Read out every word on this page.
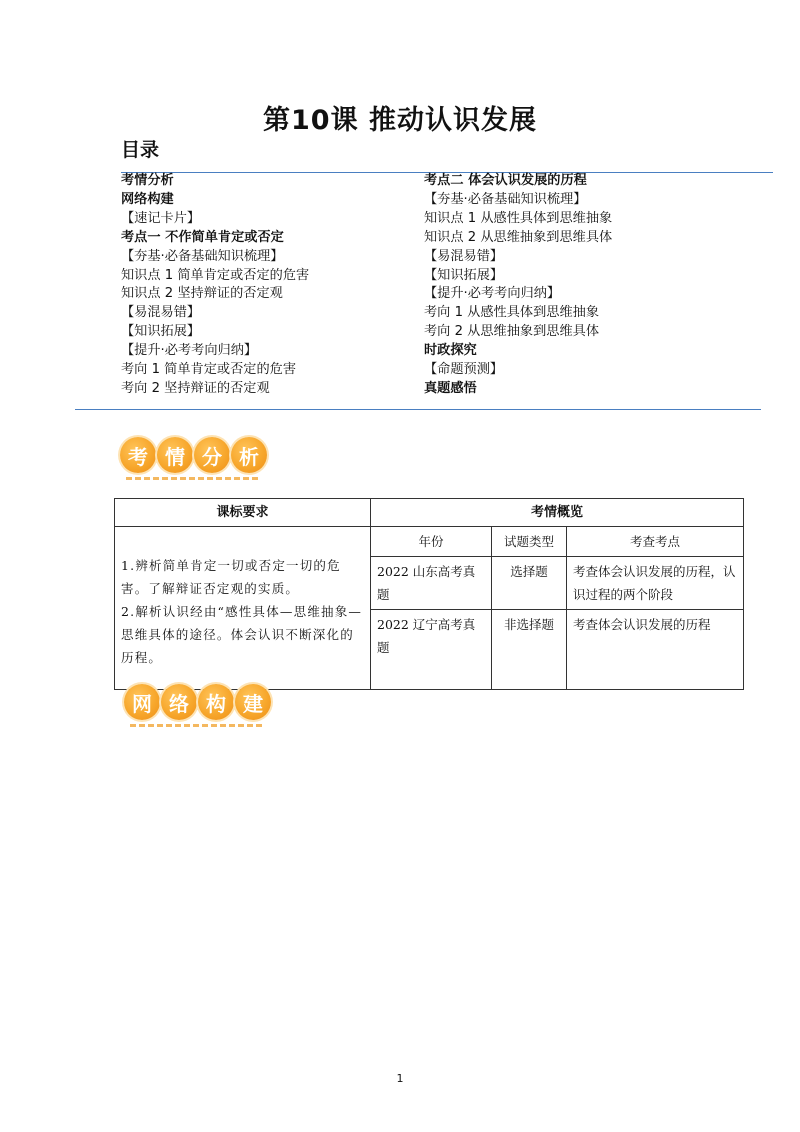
第10课 推动认识发展
目录
考情分析
网络构建
【速记卡片】
考点一 不作简单肯定或否定
【夯基·必备基础知识梳理】
知识点 1 简单肯定或否定的危害
知识点 2 坚持辩证的否定观
【易混易错】
【知识拓展】
【提升·必考考向归纳】
考向 1 简单肯定或否定的危害
考向 2 坚持辩证的否定观
考点二 体会认识发展的历程
【夯基·必备基础知识梳理】
知识点 1 从感性具体到思维抽象
知识点 2 从思维抽象到思维具体
【易混易错】
【知识拓展】
【提升·必考考向归纳】
考向 1 从感性具体到思维抽象
考向 2 从思维抽象到思维具体
时政探究
【命题预测】
真题感悟
考 情 分 析
课标要求	考情概览		

1.辨析简单肯定一切或否定一切的危害。了解辩证否定观的实质。
2.解析认识经由“感性具体—思维抽象—思维具体的途径。体会认识不断深化的历程。	年份	试题类型	考查考点
	2022 山东高考真题	选择题	考查体会认识发展的历程，认识过程的两个阶段
	2022 辽宁高考真题	非选择题	考查体会认识发展的历程
网 络 构 建
1
